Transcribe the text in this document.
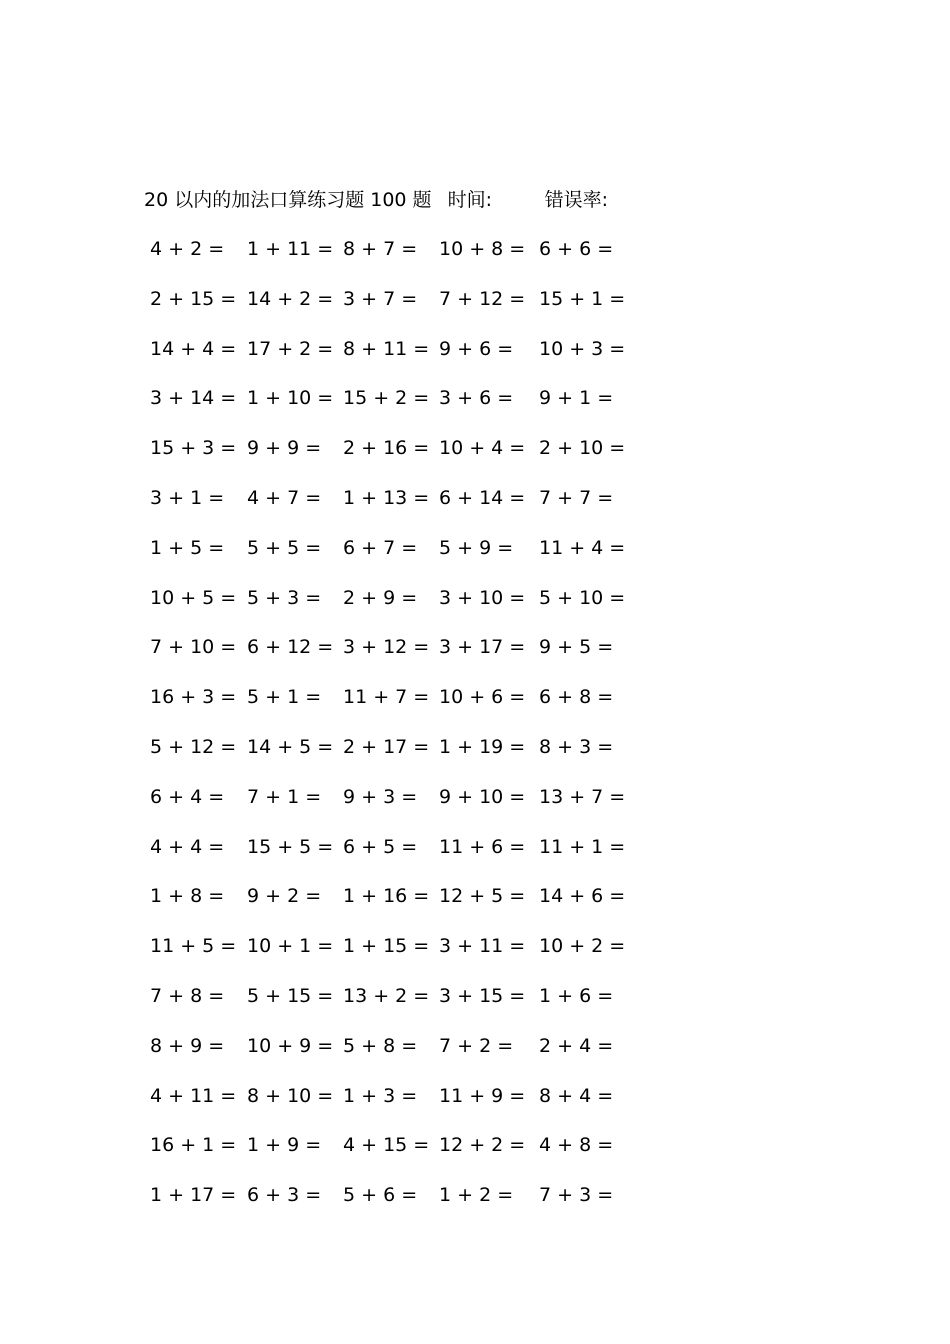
20 以内的加法口算练习题 100 题 时间:	错误率:
4 + 2 = 1 + 11 = 8 + 7 = 10 + 8 = 6 + 6 =
2 + 15 = 14 + 2 = 3 + 7 = 7 + 12 = 15 + 1 =
14 + 4 = 17 + 2 = 8 + 11 = 9 + 6 = 10 + 3 =
3 + 14 = 1 + 10 = 15 + 2 = 3 + 6 = 9 + 1 =
15 + 3 = 9 + 9 = 2 + 16 = 10 + 4 = 2 + 10 =
3 + 1 = 4 + 7 = 1 + 13 = 6 + 14 = 7 + 7 =
1 + 5 = 5 + 5 = 6 + 7 = 5 + 9 = 11 + 4 =
10 + 5 = 5 + 3 = 2 + 9 = 3 + 10 = 5 + 10 =
7 + 10 = 6 + 12 = 3 + 12 = 3 + 17 = 9 + 5 =
16 + 3 = 5 + 1 = 11 + 7 = 10 + 6 = 6 + 8 =
5 + 12 = 14 + 5 = 2 + 17 = 1 + 19 = 8 + 3 =
6 + 4 = 7 + 1 = 9 + 3 = 9 + 10 = 13 + 7 =
4 + 4 = 15 + 5 = 6 + 5 = 11 + 6 = 11 + 1 =
1 + 8 = 9 + 2 = 1 + 16 = 12 + 5 = 14 + 6 =
11 + 5 = 10 + 1 = 1 + 15 = 3 + 11 = 10 + 2 =
7 + 8 = 5 + 15 = 13 + 2 = 3 + 15 = 1 + 6 =
8 + 9 = 10 + 9 = 5 + 8 = 7 + 2 = 2 + 4 =
4 + 11 = 8 + 10 = 1 + 3 = 11 + 9 = 8 + 4 =
16 + 1 = 1 + 9 = 4 + 15 = 12 + 2 = 4 + 8 =
1 + 17 = 6 + 3 = 5 + 6 = 1 + 2 = 7 + 3 =
